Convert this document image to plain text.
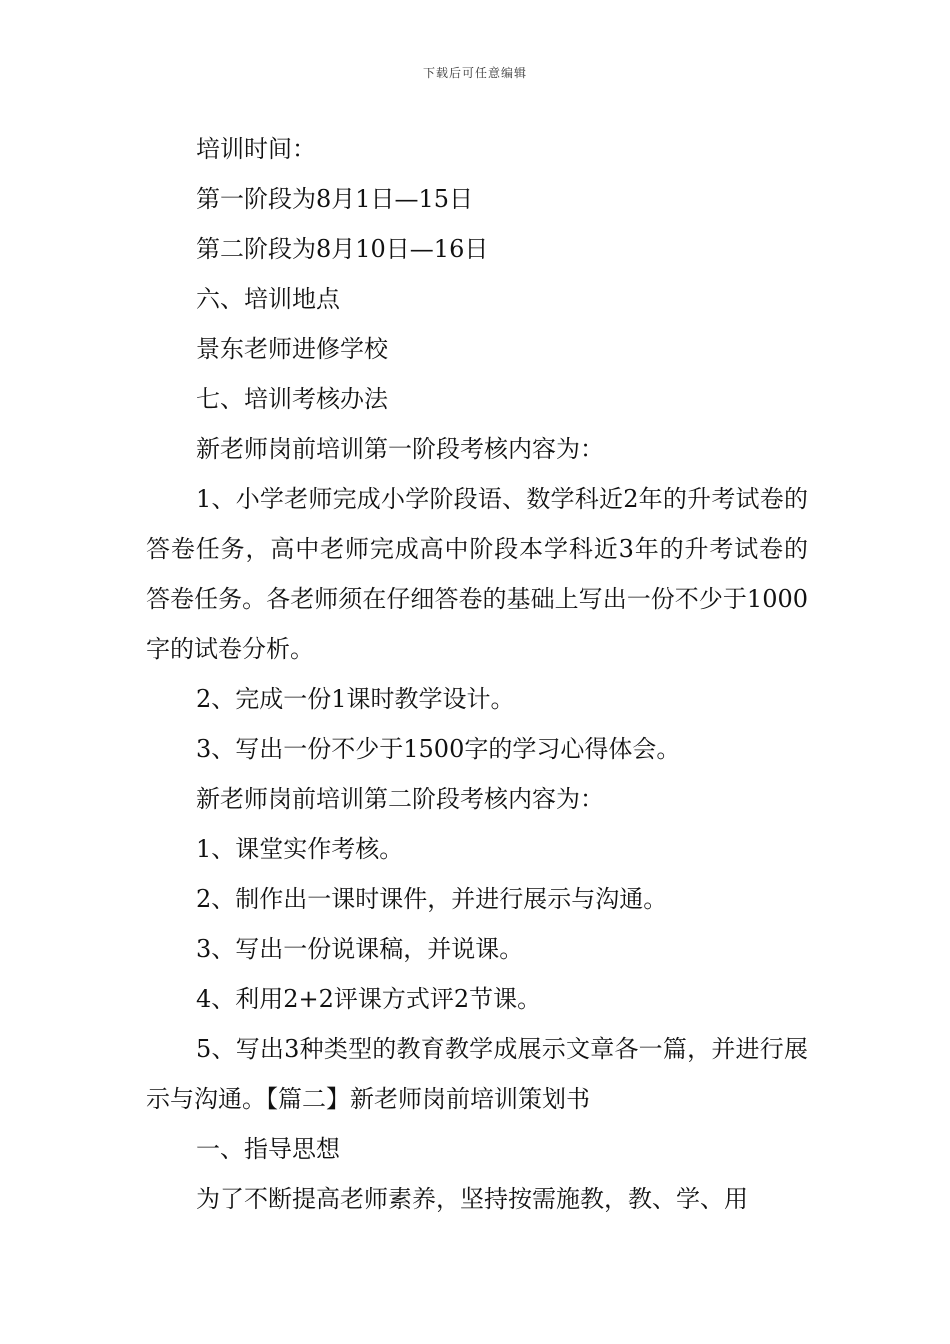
下载后可任意编辑

培训时间：

第一阶段为8月1日—15日

第二阶段为8月10日—16日

六、培训地点

景东老师进修学校

七、培训考核办法

新老师岗前培训第一阶段考核内容为：

1、小学老师完成小学阶段语、数学科近2年的升考试卷的答卷任务，高中老师完成高中阶段本学科近3年的升考试卷的答卷任务。各老师须在仔细答卷的基础上写出一份不少于1000字的试卷分析。

2、完成一份1课时教学设计。

3、写出一份不少于1500字的学习心得体会。

新老师岗前培训第二阶段考核内容为：

1、课堂实作考核。

2、制作出一课时课件，并进行展示与沟通。

3、写出一份说课稿，并说课。

4、利用2+2评课方式评2节课。

5、写出3种类型的教育教学成展示文章各一篇，并进行展示与沟通。【篇二】新老师岗前培训策划书

一、指导思想

为了不断提高老师素养，坚持按需施教，教、学、用
